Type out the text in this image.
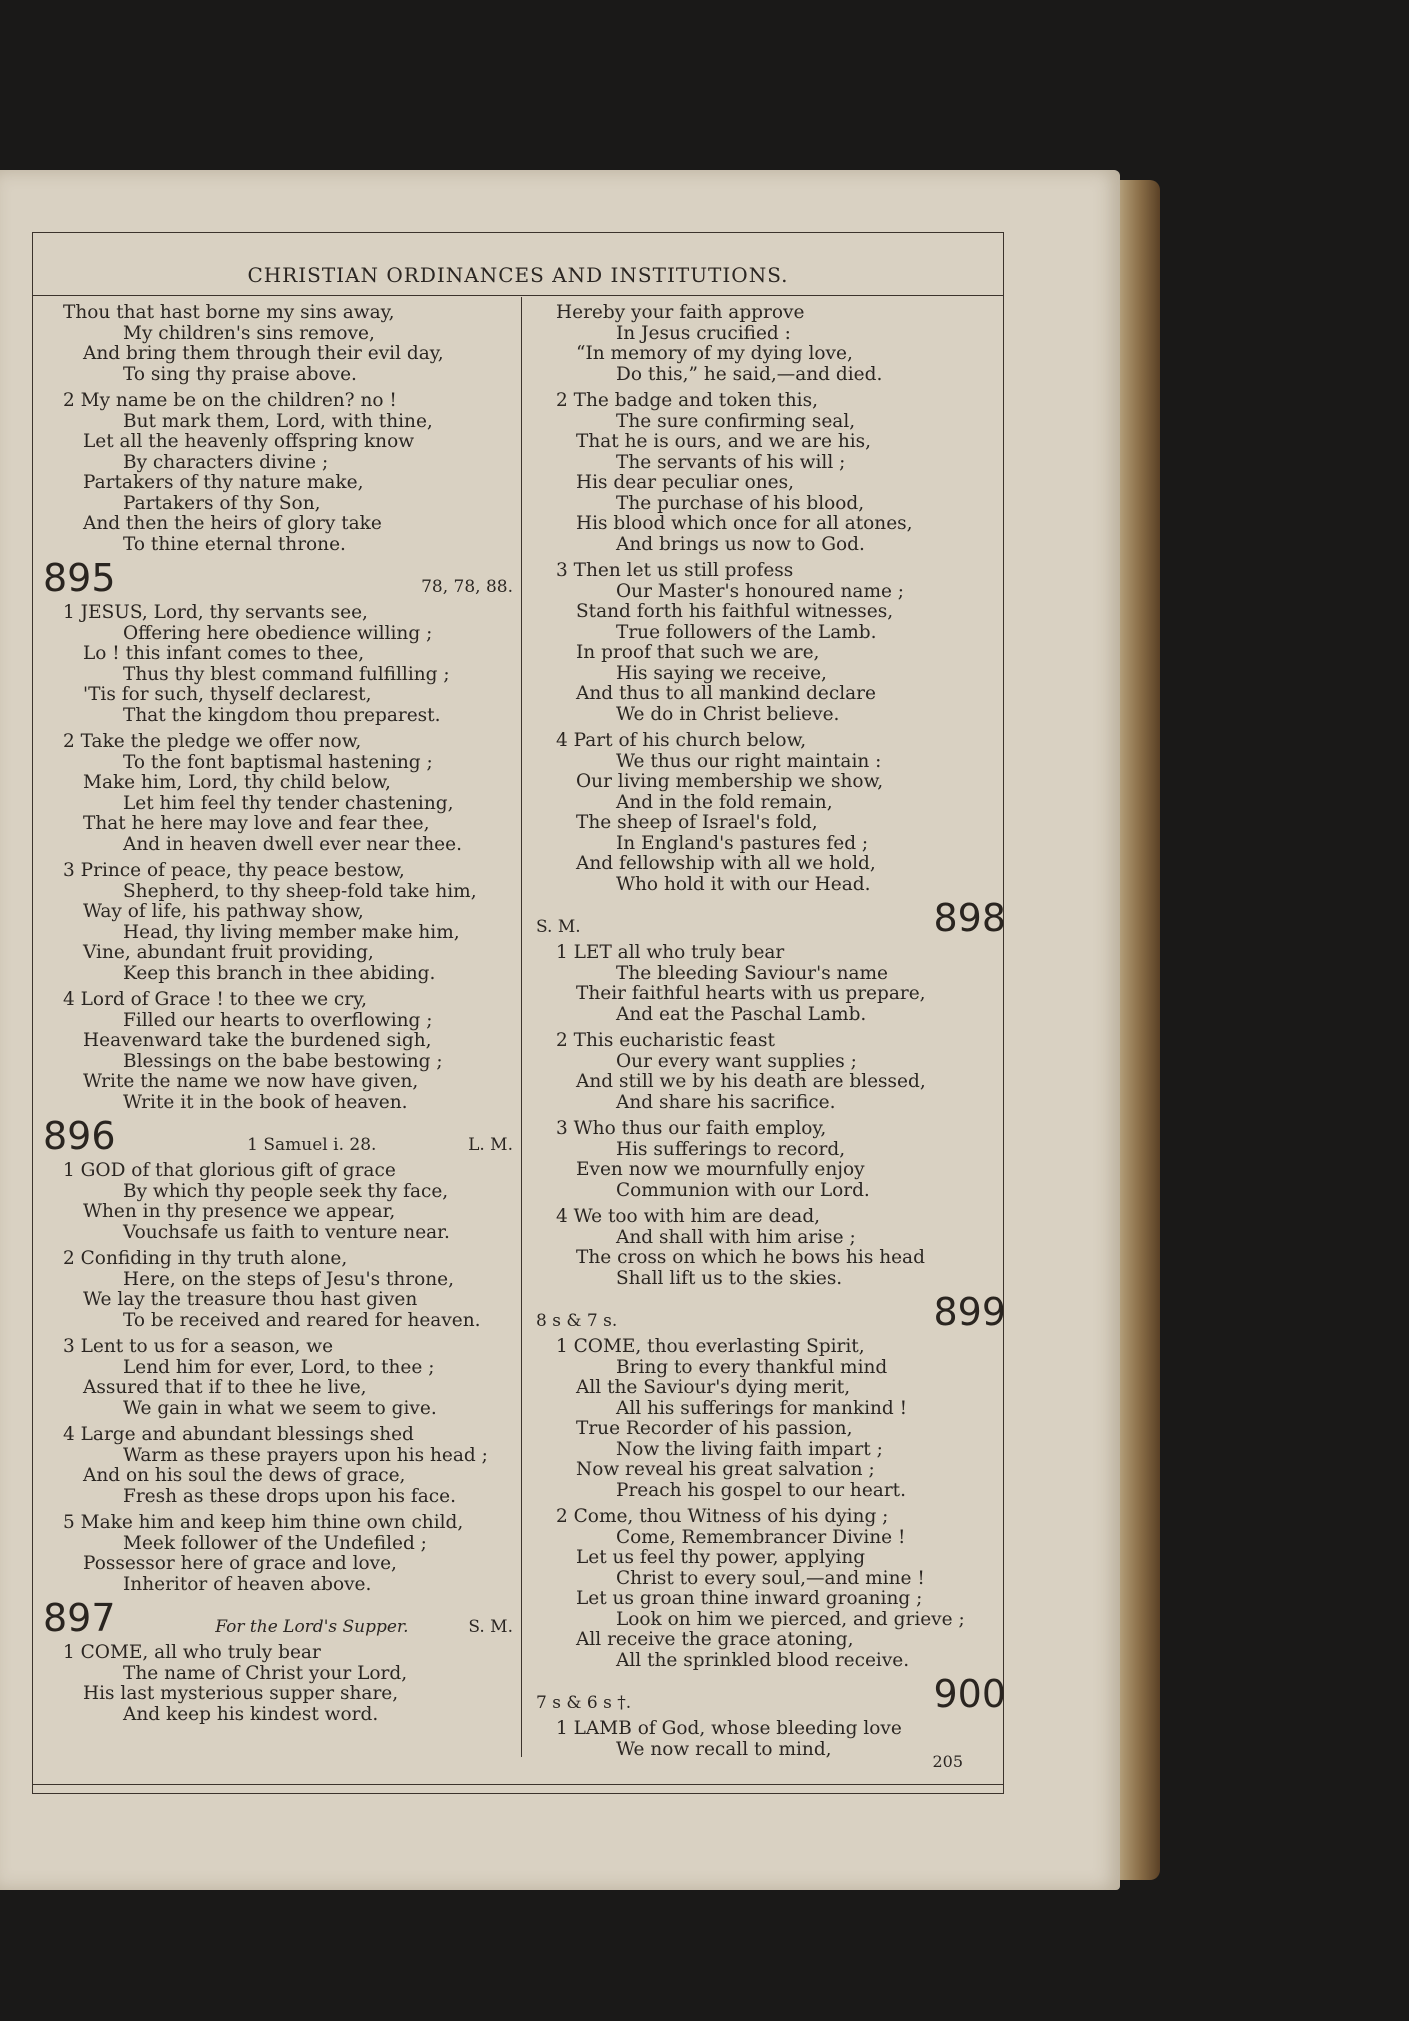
CHRISTIAN ORDINANCES AND INSTITUTIONS.
Thou that hast borne my sins away,
My children's sins remove,
And bring them through their evil day,
To sing thy praise above.
2 My name be on the children? no !
But mark them, Lord, with thine,
Let all the heavenly offspring know
By characters divine ;
Partakers of thy nature make,
Partakers of thy Son,
And then the heirs of glory take
To thine eternal throne.
895	78, 78, 88.
1 JESUS, Lord, thy servants see,
Offering here obedience willing ;
Lo ! this infant comes to thee,
Thus thy blest command fulfilling ;
'Tis for such, thyself declarest,
That the kingdom thou preparest.
2 Take the pledge we offer now,
To the font baptismal hastening ;
Make him, Lord, thy child below,
Let him feel thy tender chastening,
That he here may love and fear thee,
And in heaven dwell ever near thee.
3 Prince of peace, thy peace bestow,
Shepherd, to thy sheep-fold take him,
Way of life, his pathway show,
Head, thy living member make him,
Vine, abundant fruit providing,
Keep this branch in thee abiding.
4 Lord of Grace ! to thee we cry,
Filled our hearts to overflowing ;
Heavenward take the burdened sigh,
Blessings on the babe bestowing ;
Write the name we now have given,
Write it in the book of heaven.
896	1 Samuel i. 28.	L. M.
1 GOD of that glorious gift of grace
By which thy people seek thy face,
When in thy presence we appear,
Vouchsafe us faith to venture near.
2 Confiding in thy truth alone,
Here, on the steps of Jesu's throne,
We lay the treasure thou hast given
To be received and reared for heaven.
3 Lent to us for a season, we
Lend him for ever, Lord, to thee ;
Assured that if to thee he live,
We gain in what we seem to give.
4 Large and abundant blessings shed
Warm as these prayers upon his head ;
And on his soul the dews of grace,
Fresh as these drops upon his face.
5 Make him and keep him thine own child,
Meek follower of the Undefiled ;
Possessor here of grace and love,
Inheritor of heaven above.
897	For the Lord's Supper.	S. M.
1 COME, all who truly bear
The name of Christ your Lord,
His last mysterious supper share,
And keep his kindest word.
Hereby your faith approve
In Jesus crucified :
“In memory of my dying love,
Do this,” he said,—and died.
2 The badge and token this,
The sure confirming seal,
That he is ours, and we are his,
The servants of his will ;
His dear peculiar ones,
The purchase of his blood,
His blood which once for all atones,
And brings us now to God.
3 Then let us still profess
Our Master's honoured name ;
Stand forth his faithful witnesses,
True followers of the Lamb.
In proof that such we are,
His saying we receive,
And thus to all mankind declare
We do in Christ believe.
4 Part of his church below,
We thus our right maintain :
Our living membership we show,
And in the fold remain,
The sheep of Israel's fold,
In England's pastures fed ;
And fellowship with all we hold,
Who hold it with our Head.
898
S. M.
1 LET all who truly bear
The bleeding Saviour's name
Their faithful hearts with us prepare,
And eat the Paschal Lamb.
2 This eucharistic feast
Our every want supplies ;
And still we by his death are blessed,
And share his sacrifice.
3 Who thus our faith employ,
His sufferings to record,
Even now we mournfully enjoy
Communion with our Lord.
4 We too with him are dead,
And shall with him arise ;
The cross on which he bows his head
Shall lift us to the skies.
899
8 s & 7 s.
1 COME, thou everlasting Spirit,
Bring to every thankful mind
All the Saviour's dying merit,
All his sufferings for mankind !
True Recorder of his passion,
Now the living faith impart ;
Now reveal his great salvation ;
Preach his gospel to our heart.
2 Come, thou Witness of his dying ;
Come, Remembrancer Divine !
Let us feel thy power, applying
Christ to every soul,—and mine !
Let us groan thine inward groaning ;
Look on him we pierced, and grieve ;
All receive the grace atoning,
All the sprinkled blood receive.
900
7 s & 6 s †.
1 LAMB of God, whose bleeding love
We now recall to mind,
205
